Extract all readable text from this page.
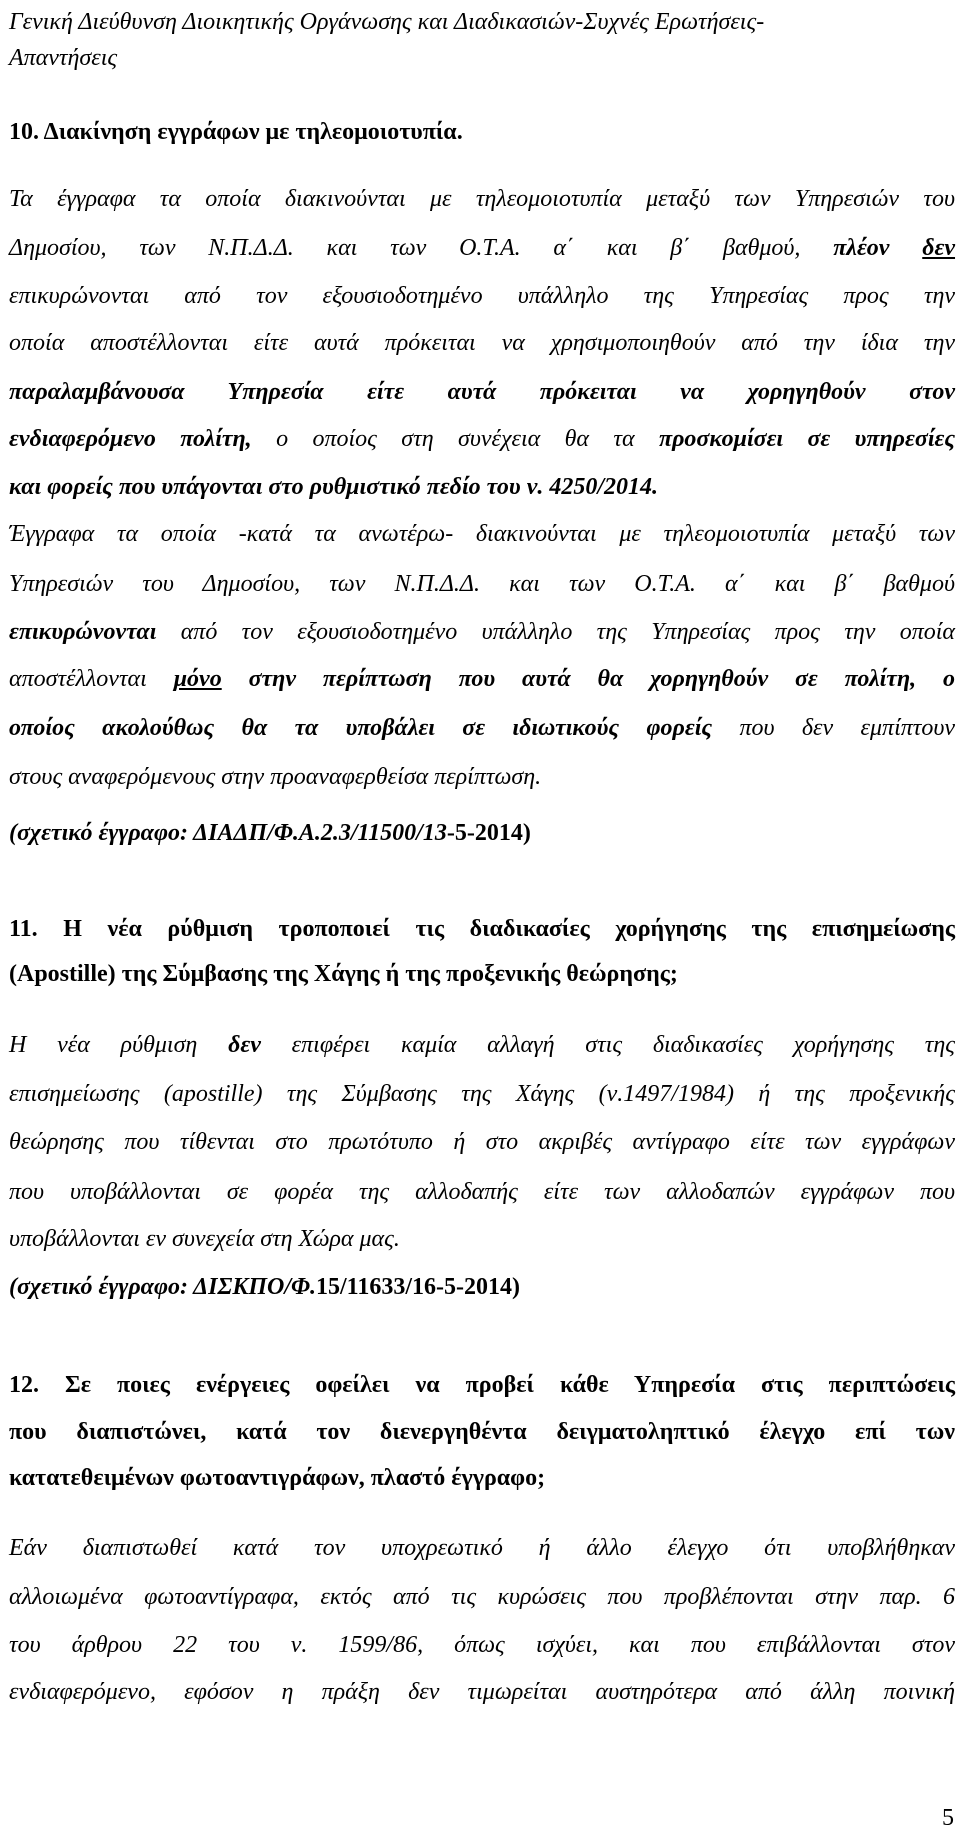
Γενική Διεύθυνση Διοικητικής Οργάνωσης και Διαδικασιών-Συχνές Ερωτήσεις-
Απαντήσεις
10. Διακίνηση εγγράφων με τηλεομοιοτυπία.
Τα έγγραφα τα οποία διακινούνται με τηλεομοιοτυπία μεταξύ των Υπηρεσιών του
Δημοσίου, των Ν.Π.Δ.Δ. και των Ο.Τ.Α. α΄ και β΄ βαθμού, πλέον δεν
επικυρώνονται από τον εξουσιοδοτημένο υπάλληλο της Υπηρεσίας προς την
οποία αποστέλλονται είτε αυτά πρόκειται να χρησιμοποιηθούν από την ίδια την
παραλαμβάνουσα Υπηρεσία είτε αυτά πρόκειται να χορηγηθούν στον
ενδιαφερόμενο πολίτη, ο οποίος στη συνέχεια θα τα προσκομίσει σε υπηρεσίες
και φορείς που υπάγονται στο ρυθμιστικό πεδίο του ν. 4250/2014.
Έγγραφα τα οποία -κατά τα ανωτέρω- διακινούνται με τηλεομοιοτυπία μεταξύ των
Υπηρεσιών του Δημοσίου, των Ν.Π.Δ.Δ. και των Ο.Τ.Α. α΄ και β΄ βαθμού
επικυρώνονται από τον εξουσιοδοτημένο υπάλληλο της Υπηρεσίας προς την οποία
αποστέλλονται μόνο στην περίπτωση που αυτά θα χορηγηθούν σε πολίτη, ο
οποίος ακολούθως θα τα υποβάλει σε ιδιωτικούς φορείς που δεν εμπίπτουν
στους αναφερόμενους στην προαναφερθείσα περίπτωση.
(σχετικό έγγραφο: ΔΙΑΔΠ/Φ.Α.2.3/11500/13-5-2014)
11. Η νέα ρύθμιση τροποποιεί τις διαδικασίες χορήγησης της επισημείωσης
(Apostille) της Σύμβασης της Χάγης ή της προξενικής θεώρησης;
Η νέα ρύθμιση δεν επιφέρει καμία αλλαγή στις διαδικασίες χορήγησης της
επισημείωσης (apostille) της Σύμβασης της Χάγης (ν.1497/1984) ή της προξενικής
θεώρησης που τίθενται στο πρωτότυπο ή στο ακριβές αντίγραφο είτε των εγγράφων
που υποβάλλονται σε φορέα της αλλοδαπής είτε των αλλοδαπών εγγράφων που
υποβάλλονται εν συνεχεία στη Χώρα μας.
(σχετικό έγγραφο: ΔΙΣΚΠΟ/Φ.15/11633/16-5-2014)
12. Σε ποιες ενέργειες οφείλει να προβεί κάθε Υπηρεσία στις περιπτώσεις
που διαπιστώνει, κατά τον διενεργηθέντα δειγματοληπτικό έλεγχο επί των
κατατεθειμένων φωτοαντιγράφων, πλαστό έγγραφο;
Εάν διαπιστωθεί κατά τον υποχρεωτικό ή άλλο έλεγχο ότι υποβλήθηκαν
αλλοιωμένα φωτοαντίγραφα, εκτός από τις κυρώσεις που προβλέπονται στην παρ. 6
του άρθρου 22 του ν. 1599/86, όπως ισχύει, και που επιβάλλονται στον
ενδιαφερόμενο, εφόσον η πράξη δεν τιμωρείται αυστηρότερα από άλλη ποινική
5
